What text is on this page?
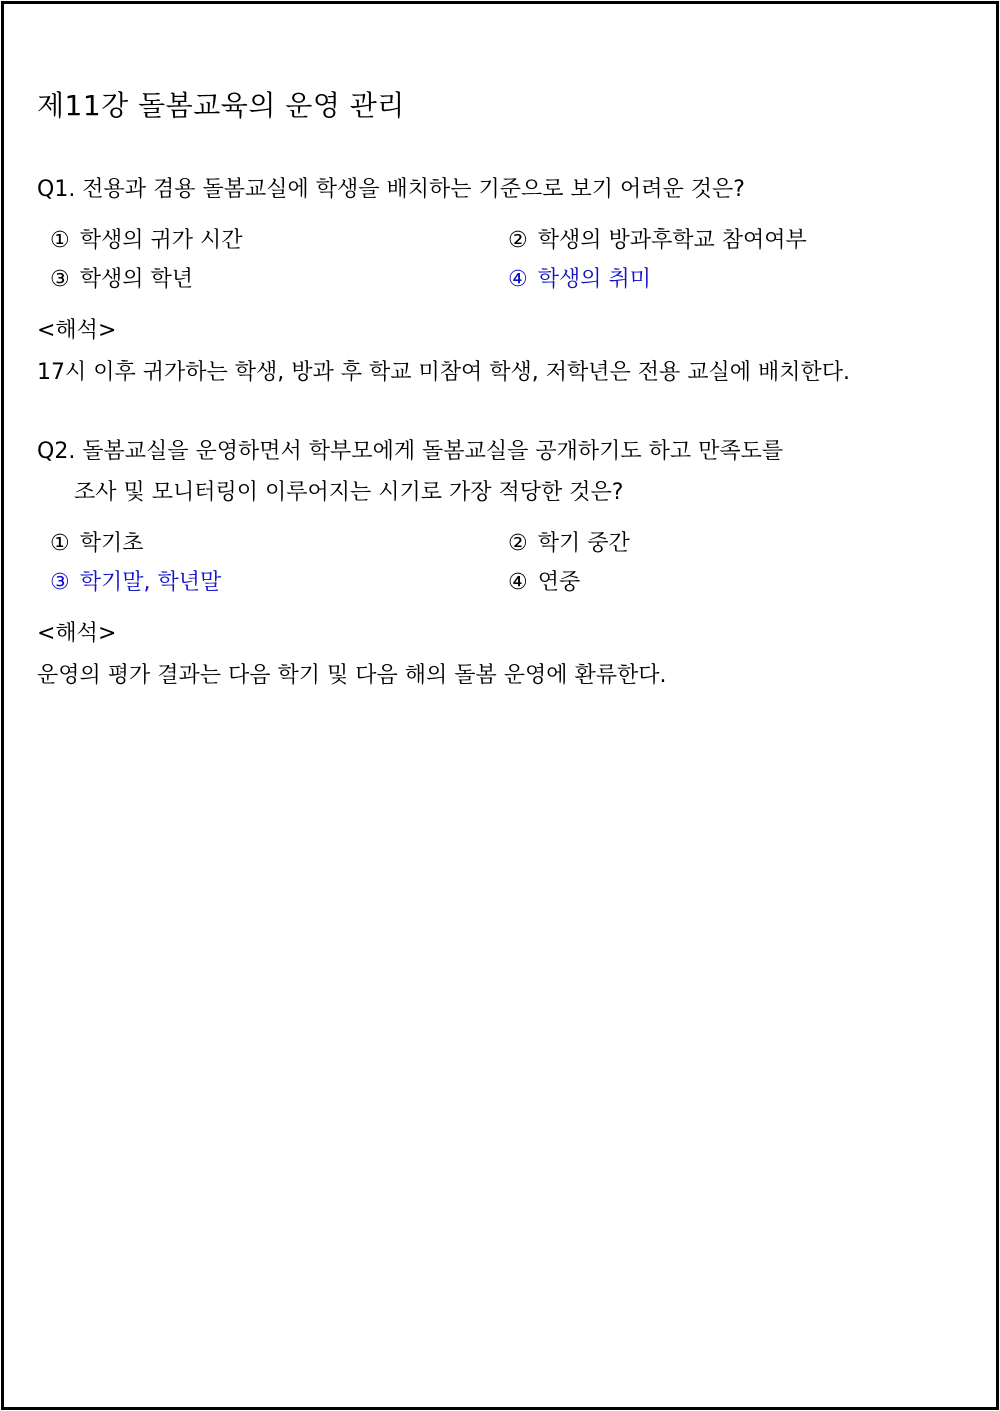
제11강 돌봄교육의 운영 관리
Q1. 전용과 겸용 돌봄교실에 학생을 배치하는 기준으로 보기 어려운 것은?
① 학생의 귀가 시간	② 학생의 방과후학교 참여여부
③ 학생의 학년	④ 학생의 취미
<해석>
17시 이후 귀가하는 학생, 방과 후 학교 미참여 학생, 저학년은 전용 교실에 배치한다.
Q2. 돌봄교실을 운영하면서 학부모에게 돌봄교실을 공개하기도 하고 만족도를
조사 및 모니터링이 이루어지는 시기로 가장 적당한 것은?
① 학기초	② 학기 중간
③ 학기말, 학년말	④ 연중
<해석>
운영의 평가 결과는 다음 학기 및 다음 해의 돌봄 운영에 환류한다.
